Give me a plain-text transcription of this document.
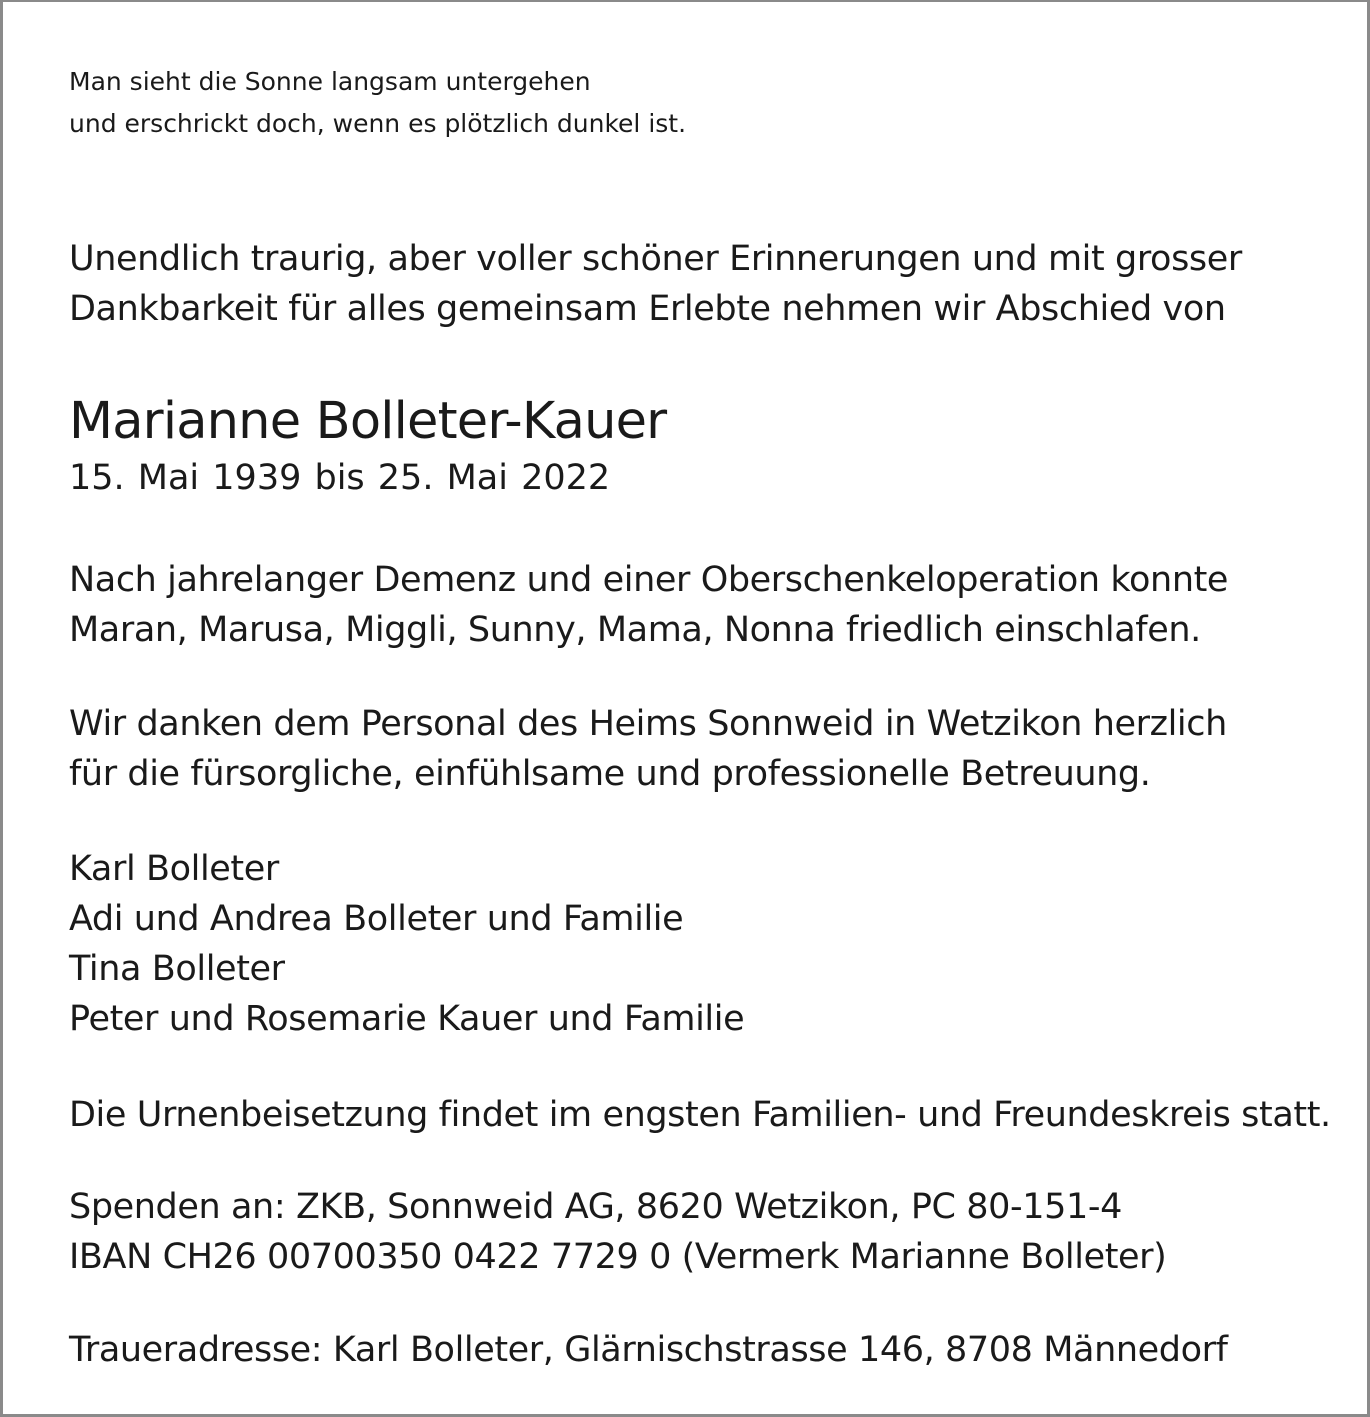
Man sieht die Sonne langsam untergehen
und erschrickt doch, wenn es plötzlich dunkel ist.
Unendlich traurig, aber voller schöner Erinnerungen und mit grosser
Dankbarkeit für alles gemeinsam Erlebte nehmen wir Abschied von
Marianne Bolleter-Kauer
15. Mai 1939 bis 25. Mai 2022
Nach jahrelanger Demenz und einer Oberschenkeloperation konnte
Maran, Marusa, Miggli, Sunny, Mama, Nonna friedlich einschlafen.
Wir danken dem Personal des Heims Sonnweid in Wetzikon herzlich
für die fürsorgliche, einfühlsame und professionelle Betreuung.
Karl Bolleter
Adi und Andrea Bolleter und Familie
Tina Bolleter
Peter und Rosemarie Kauer und Familie
Die Urnenbeisetzung findet im engsten Familien- und Freundeskreis statt.
Spenden an: ZKB, Sonnweid AG, 8620 Wetzikon, PC 80-151-4
IBAN CH26 00700350 0422 7729 0 (Vermerk Marianne Bolleter)
Traueradresse: Karl Bolleter, Glärnischstrasse 146, 8708 Männedorf
